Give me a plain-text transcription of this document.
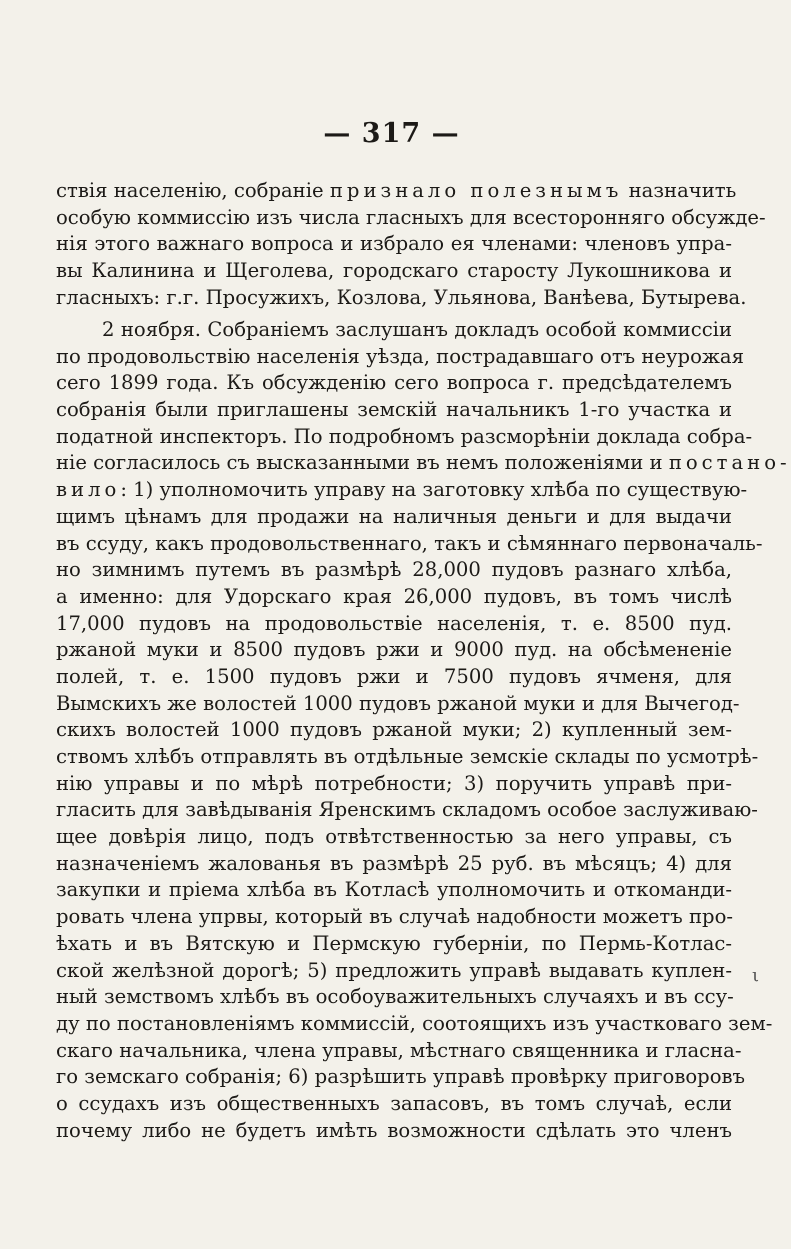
— 317 —
ствія населенію, собраніе признало полезнымъ назначить
особую коммиссію изъ числа гласныхъ для всесторонняго обсужде-
нія этого важнаго вопроса и избрало ея членами: членовъ упра-
вы Калинина и Щеголева, городскаго старосту Лукошникова и
гласныхъ: г.г. Просужихъ, Козлова, Ульянова, Ванѣева, Бутырева.
2 ноября. Собраніемъ заслушанъ докладъ особой коммиссіи
по продовольствію населенія уѣзда, пострадавшаго отъ неурожая
сего 1899 года. Къ обсужденію сего вопроса г. предсѣдателемъ
собранія были приглашены земскій начальникъ 1-го участка и
податной инспекторъ. По подробномъ разсморѣніи доклада собра-
ніе согласилось съ высказанными въ немъ положеніями и постано-
вило: 1) уполномочить управу на заготовку хлѣба по существую-
щимъ цѣнамъ для продажи на наличныя деньги и для выдачи
въ ссуду, какъ продовольственнаго, такъ и сѣмяннаго первоначаль-
но зимнимъ путемъ въ размѣрѣ 28,000 пудовъ разнаго хлѣба,
а именно: для Удорскаго края 26,000 пудовъ, въ томъ числѣ
17,000 пудовъ на продовольствіе населенія, т. е. 8500 пуд.
ржаной муки и 8500 пудовъ ржи и 9000 пуд. на обсѣмененіе
полей, т. е. 1500 пудовъ ржи и 7500 пудовъ ячменя, для
Вымскихъ же волостей 1000 пудовъ ржаной муки и для Вычегод-
скихъ волостей 1000 пудовъ ржаной муки; 2) купленный зем-
ствомъ хлѣбъ отправлять въ отдѣльные земскіе склады по усмотрѣ-
нію управы и по мѣрѣ потребности; 3) поручить управѣ при-
гласить для завѣдыванія Яренскимъ складомъ особое заслуживаю-
щее довѣрія лицо, подъ отвѣтственностью за него управы, съ
назначеніемъ жалованья въ размѣрѣ 25 руб. въ мѣсяцъ; 4) для
закупки и пріема хлѣба въ Котласѣ уполномочить и откоманди-
ровать члена упрвы, который въ случаѣ надобности можетъ про-
ѣхать и въ Вятскую и Пермскую губерніи, по Пермь-Котлас-
ской желѣзной дорогѣ; 5) предложить управѣ выдавать куплен-
ный земствомъ хлѣбъ въ особоуважительныхъ случаяхъ и въ ссу-
ду по постановленіямъ коммиссій, соотоящихъ изъ участковаго зем-
скаго начальника, члена управы, мѣстнаго священника и гласна-
го земскаго собранія; 6) разрѣшить управѣ провѣрку приговоровъ
о ссудахъ изъ общественныхъ запасовъ, въ томъ случаѣ, если
почему либо не будетъ имѣть возможности сдѣлать это членъ
ι
